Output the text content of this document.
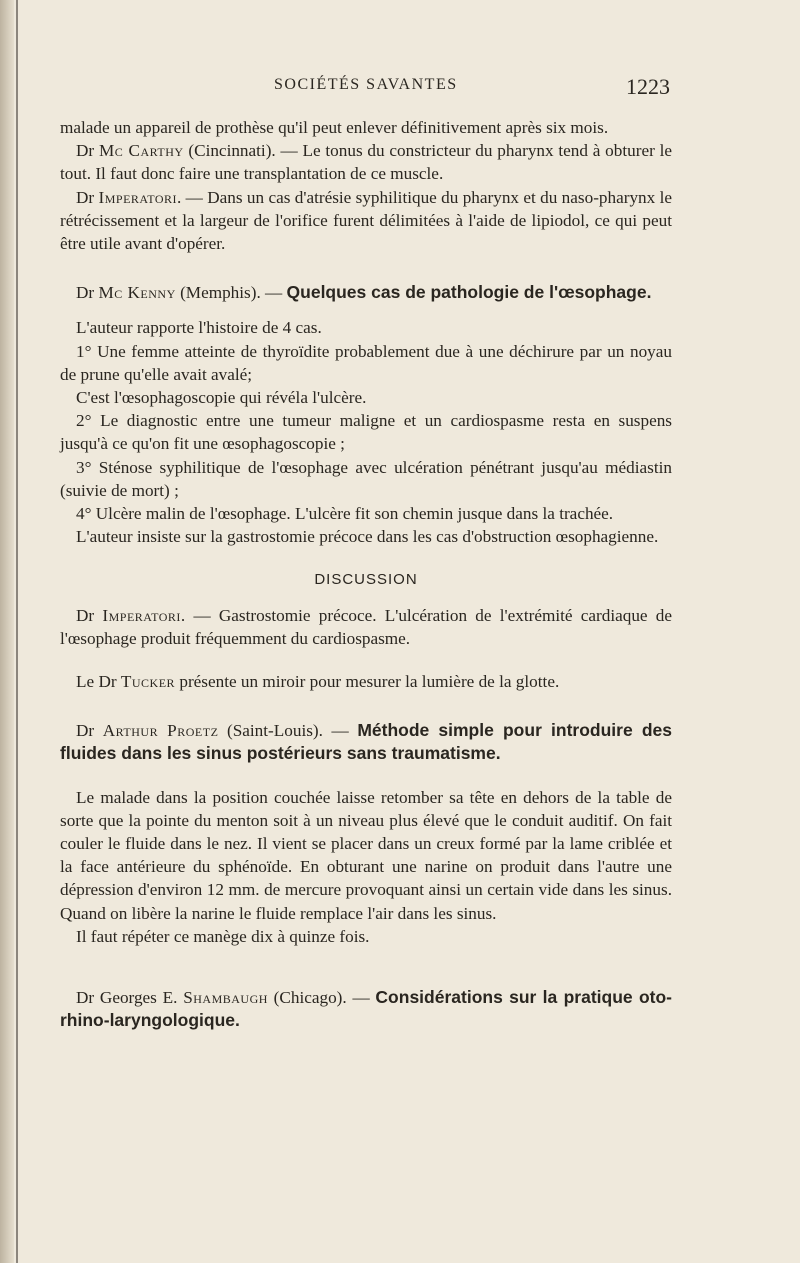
SOCIÉTÉS SAVANTES	1223

malade un appareil de prothèse qu'il peut enlever définitivement après six mois.

Dr Mc Carthy (Cincinnati). — Le tonus du constricteur du pharynx tend à obturer le tout. Il faut donc faire une transplantation de ce muscle.

Dr Imperatori. — Dans un cas d'atrésie syphilitique du pharynx et du naso-pharynx le rétrécissement et la largeur de l'orifice furent délimitées à l'aide de lipiodol, ce qui peut être utile avant d'opérer.

Dr Mc Kenny (Memphis). — Quelques cas de pathologie de l'œsophage.

L'auteur rapporte l'histoire de 4 cas.

1° Une femme atteinte de thyroïdite probablement due à une déchirure par un noyau de prune qu'elle avait avalé;

C'est l'œsophagoscopie qui révéla l'ulcère.

2° Le diagnostic entre une tumeur maligne et un cardiospasme resta en suspens jusqu'à ce qu'on fit une œsophagoscopie ;

3° Sténose syphilitique de l'œsophage avec ulcération pénétrant jusqu'au médiastin (suivie de mort) ;

4° Ulcère malin de l'œsophage. L'ulcère fit son chemin jusque dans la trachée.

L'auteur insiste sur la gastrostomie précoce dans les cas d'obstruction œsophagienne.

DISCUSSION

Dr Imperatori. — Gastrostomie précoce. L'ulcération de l'extrémité cardiaque de l'œsophage produit fréquemment du cardiospasme.

Le Dr Tucker présente un miroir pour mesurer la lumière de la glotte.

Dr Arthur Proetz (Saint-Louis). — Méthode simple pour introduire des fluides dans les sinus postérieurs sans traumatisme.

Le malade dans la position couchée laisse retomber sa tête en dehors de la table de sorte que la pointe du menton soit à un niveau plus élevé que le conduit auditif. On fait couler le fluide dans le nez. Il vient se placer dans un creux formé par la lame criblée et la face antérieure du sphénoïde. En obturant une narine on produit dans l'autre une dépression d'environ 12 mm. de mercure provoquant ainsi un certain vide dans les sinus. Quand on libère la narine le fluide remplace l'air dans les sinus.

Il faut répéter ce manège dix à quinze fois.

Dr Georges E. Shambaugh (Chicago). — Considérations sur la pratique oto-rhino-laryngologique.
